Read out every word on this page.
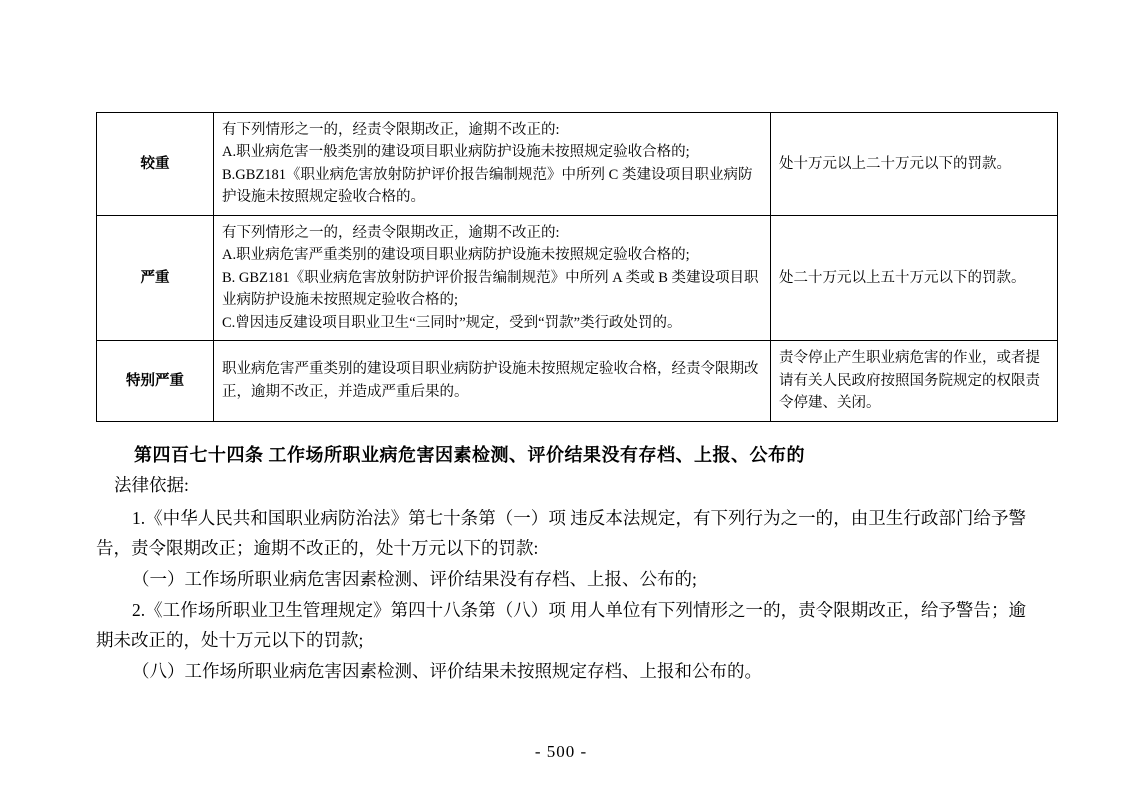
较重	有下列情形之一的，经责令限期改正，逾期不改正的:
A.职业病危害一般类别的建设项目职业病防护设施未按照规定验收合格的;
B.GBZ181《职业病危害放射防护评价报告编制规范》中所列 C 类建设项目职业病防护设施未按照规定验收合格的。	处十万元以上二十万元以下的罚款。
严重	有下列情形之一的，经责令限期改正，逾期不改正的:
A.职业病危害严重类别的建设项目职业病防护设施未按照规定验收合格的;
B. GBZ181《职业病危害放射防护评价报告编制规范》中所列 A 类或 B 类建设项目职业病防护设施未按照规定验收合格的;
C.曾因违反建设项目职业卫生“三同时”规定，受到“罚款”类行政处罚的。	处二十万元以上五十万元以下的罚款。
特别严重	职业病危害严重类别的建设项目职业病防护设施未按照规定验收合格，经责令限期改正，逾期不改正，并造成严重后果的。	责令停止产生职业病危害的作业，或者提请有关人民政府按照国务院规定的权限责令停建、关闭。
第四百七十四条 工作场所职业病危害因素检测、评价结果没有存档、上报、公布的

法律依据:

1.《中华人民共和国职业病防治法》第七十条第（一）项 违反本法规定，有下列行为之一的，由卫生行政部门给予警告，责令限期改正；逾期不改正的，处十万元以下的罚款:

（一）工作场所职业病危害因素检测、评价结果没有存档、上报、公布的;

2.《工作场所职业卫生管理规定》第四十八条第（八）项 用人单位有下列情形之一的，责令限期改正，给予警告；逾期未改正的，处十万元以下的罚款;

（八）工作场所职业病危害因素检测、评价结果未按照规定存档、上报和公布的。

- 500 -
